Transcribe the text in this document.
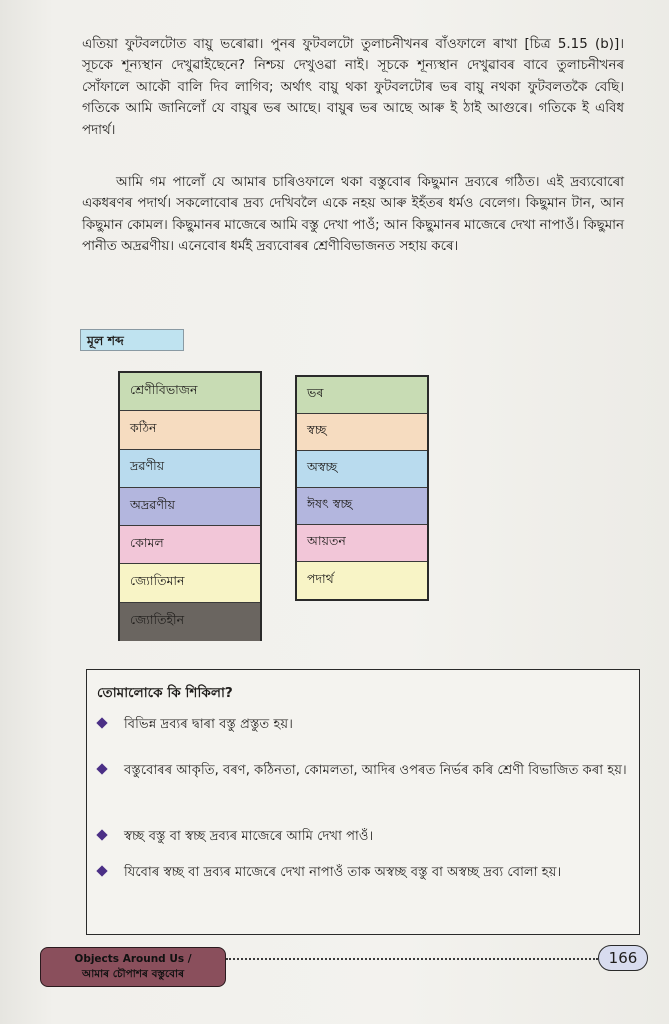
এতিয়া ফুটবলটোত বায়ু ভৰোৱা। পুনৰ ফুটবলটো তুলাচনীখনৰ বাঁওফালে ৰাখা [চিত্ৰ 5.15 (b)]। সূচকে শূন্যস্থান দেখুৱাইছেনে? নিশ্চয় দেখুওৱা নাই। সূচকে শূন্যস্থান দেখুৱাবৰ বাবে তুলাচনীখনৰ সোঁফালে আকৌ বালি দিব লাগিব; অৰ্থাৎ বায়ু থকা ফুটবলটোৰ ভৰ বায়ু নথকা ফুটবলতকৈ বেছি। গতিকে আমি জানিলোঁ যে বায়ুৰ ভৰ আছে। বায়ুৰ ভৰ আছে আৰু ই ঠাই আগুৰে। গতিকে ই এবিধ পদাৰ্থ।

আমি গম পালোঁ যে আমাৰ চাৰিওফালে থকা বস্তুবোৰ কিছুমান দ্ৰব্যৰে গঠিত। এই দ্ৰব্যবোৰো একধৰণৰ পদাৰ্থ। সকলোবোৰ দ্ৰব্য দেখিবলৈ একে নহয় আৰু ইহঁতৰ ধৰ্মও বেলেগ। কিছুমান টান, আন কিছুমান কোমল। কিছুমানৰ মাজেৰে আমি বস্তু দেখা পাওঁ; আন কিছুমানৰ মাজেৰে দেখা নাপাওঁ। কিছুমান পানীত অদ্ৰৱণীয়। এনেবোৰ ধৰ্মই দ্ৰব্যবোৰৰ শ্ৰেণীবিভাজনত সহায় কৰে।

মূল শব্দ
শ্ৰেণীবিভাজন
কঠিন
দ্ৰৱণীয়
অদ্ৰৱণীয়
কোমল
জ্যোতিমান
জ্যোতিহীন
ভৰ
স্বচ্ছ
অস্বচ্ছ
ঈষৎ স্বচ্ছ
আয়তন
পদাৰ্থ
তোমালোকে কি শিকিলা?

বিভিন্ন দ্ৰব্যৰ দ্বাৰা বস্তু প্ৰস্তুত হয়।

বস্তুবোৰৰ আকৃতি, বৰণ, কঠিনতা, কোমলতা, আদিৰ ওপৰত নিৰ্ভৰ কৰি শ্ৰেণী বিভাজিত কৰা হয়।

স্বচ্ছ বস্তু বা স্বচ্ছ দ্ৰব্যৰ মাজেৰে আমি দেখা পাওঁ।

যিবোৰ স্বচ্ছ বা দ্ৰব্যৰ মাজেৰে দেখা নাপাওঁ তাক অস্বচ্ছ বস্তু বা অস্বচ্ছ দ্ৰব্য বোলা হয়।

Objects Around Us /
আমাৰ চৌপাশৰ বস্তুবোৰ
166
